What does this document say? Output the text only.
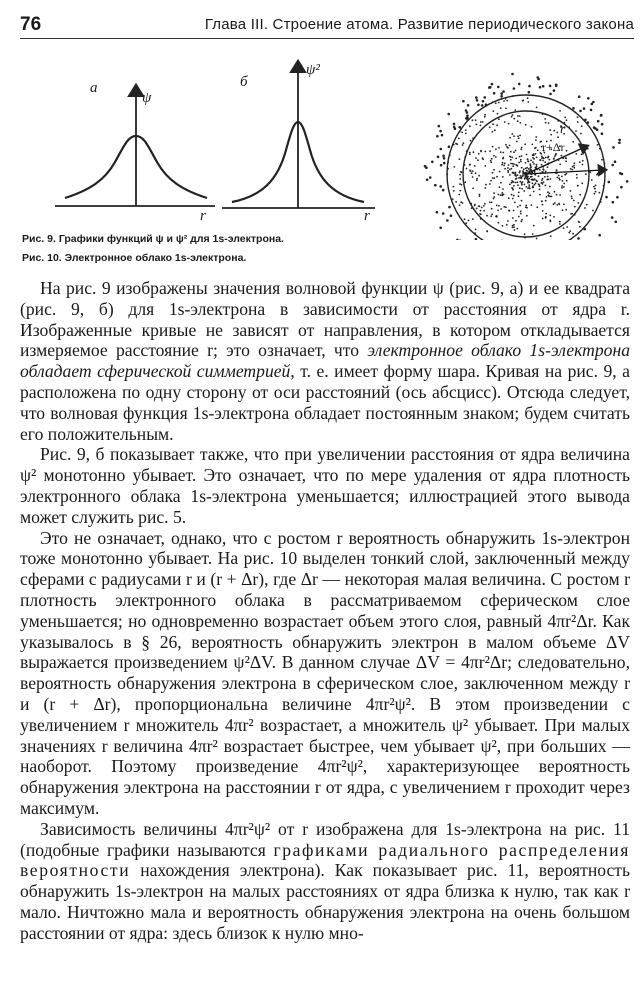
76	Глава III. Строение атома. Развитие периодического закона
а
ψ
r
б
ψ²
r
r
r+Δr
Рис. 9. Графики функций ψ и ψ² для 1s-электрона.
Рис. 10. Электронное облако 1s-электрона.

На рис. 9 изображены значения волновой функции ψ (рис. 9, а) и ее квадрата (рис. 9, б) для 1s-электрона в зависимости от расстояния от ядра r. Изображенные кривые не зависят от направления, в котором откладывается измеряемое расстояние r; это означает, что электронное облако 1s-электрона обладает сферической симметрией, т. е. имеет форму шара. Кривая на рис. 9, а расположена по одну сторону от оси расстояний (ось абсцисс). Отсюда следует, что волновая функция 1s-электрона обладает постоянным знаком; будем считать его положительным.

Рис. 9, б показывает также, что при увеличении расстояния от ядра величина ψ² монотонно убывает. Это означает, что по мере удаления от ядра плотность электронного облака 1s-электрона уменьшается; иллюстрацией этого вывода может служить рис. 5.

Это не означает, однако, что с ростом r вероятность обнаружить 1s-электрон тоже монотонно убывает. На рис. 10 выделен тонкий слой, заключенный между сферами с радиусами r и (r + Δr), где Δr — некоторая малая величина. С ростом r плотность электронного облака в рассматриваемом сферическом слое уменьшается; но одновременно возрастает объем этого слоя, равный 4πr²Δr. Как указывалось в § 26, вероятность обнаружить электрон в малом объеме ΔV выражается произведением ψ²ΔV. В данном случае ΔV = 4πr²Δr; следовательно, вероятность обнаружения электрона в сферическом слое, заключенном между r и (r + Δr), пропорциональна величине 4πr²ψ². В этом произведении с увеличением r множитель 4πr² возрастает, а множитель ψ² убывает. При малых значениях r величина 4πr² возрастает быстрее, чем убывает ψ², при больших — наоборот. Поэтому произведение 4πr²ψ², характеризующее вероятность обнаружения электрона на расстоянии r от ядра, с увеличением r проходит через максимум.

Зависимость величины 4πr²ψ² от r изображена для 1s-электрона на рис. 11 (подобные графики называются графиками радиального распределения вероятности нахождения электрона). Как показывает рис. 11, вероятность обнаружить 1s-электрон на малых расстояниях от ядра близка к нулю, так как r мало. Ничтожно мала и вероятность обнаружения электрона на очень большом расстоянии от ядра: здесь близок к нулю мно-
